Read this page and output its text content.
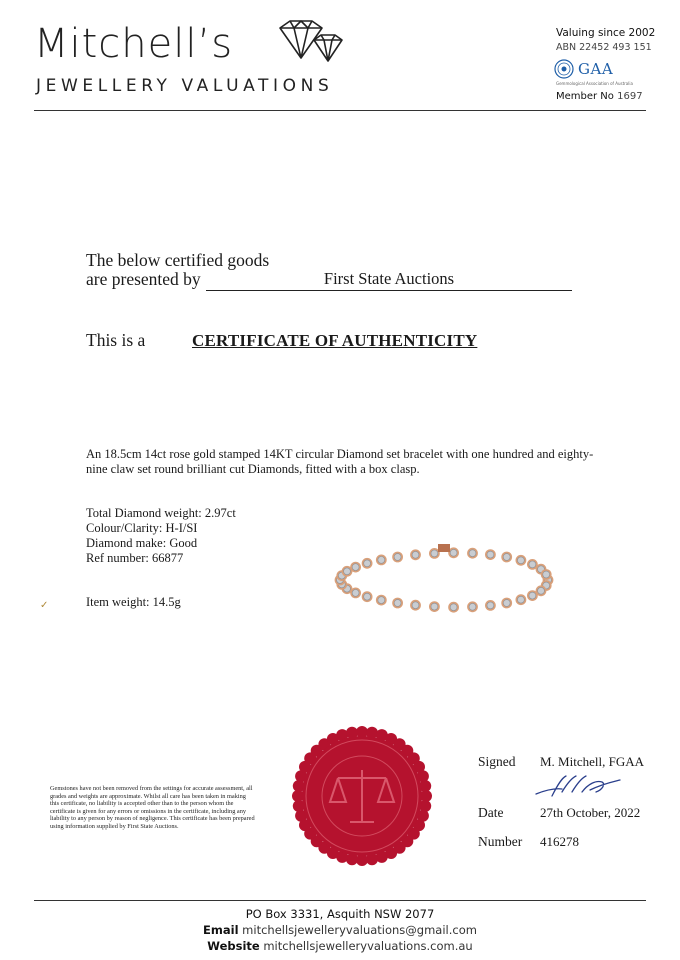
Mitchell’s
JEWELLERY VALUATIONS
Valuing since 2002
ABN 22452 493 151
GAA
Gemmological Association of Australia
Member No 1697
The below certified goods
are presented by	First State Auctions
This is a	CERTIFICATE OF AUTHENTICITY
An 18.5cm 14ct rose gold stamped 14KT circular Diamond set bracelet with one hundred and eighty-nine claw set round brilliant cut Diamonds, fitted with a box clasp.
Total Diamond weight: 2.97ct
Colour/Clarity: H-I/SI
Diamond make: Good
Ref number: 66877
Item weight: 14.5g
✓
Gemstones have not been removed from the settings for accurate assessment, all grades and weights are approximate. Whilst all care has been taken in making this certificate, no liability is accepted other than to the person whom the certificate is given for any errors or omissions in the certificate, including any liability to any person by reason of negligence. This certificate has been prepared using information supplied by First State Auctions.
Signed M. Mitchell, FGAA
Date	27th October, 2022
Number 416278
PO Box 3331, Asquith NSW 2077
Email mitchellsjewelleryvaluations@gmail.com
Website mitchellsjewelleryvaluations.com.au
